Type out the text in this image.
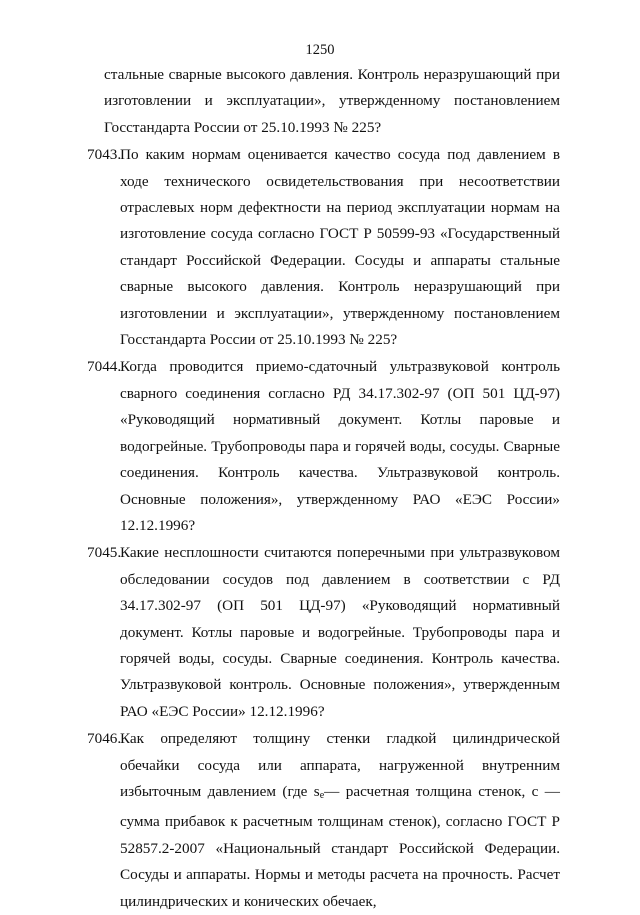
1250

стальные сварные высокого давления. Контроль неразрушающий при изготовлении и эксплуатации», утвержденному постановлением Госстандарта России от 25.10.1993 № 225?

7043.

По каким нормам оценивается качество сосуда под давлением в ходе технического освидетельствования при несоответствии отраслевых норм дефектности на период эксплуатации нормам на изготовление сосуда согласно ГОСТ Р 50599-93 «Государственный стандарт Российской Федерации. Сосуды и аппараты стальные сварные высокого давления. Контроль неразрушающий при изготовлении и эксплуатации», утвержденному постановлением Госстандарта России от 25.10.1993 № 225?

7044.

Когда проводится приемо-сдаточный ультразвуковой контроль сварного соединения согласно РД 34.17.302-97 (ОП 501 ЦД-97) «Руководящий нормативный документ. Котлы паровые и водогрейные. Трубопроводы пара и горячей воды, сосуды. Сварные соединения. Контроль качества. Ультразвуковой контроль. Основные положения», утвержденному РАО «ЕЭС России» 12.12.1996?

7045.

Какие несплошности считаются поперечными при ультразвуковом обследовании сосудов под давлением в соответствии с РД 34.17.302-97 (ОП 501 ЦД-97) «Руководящий нормативный документ. Котлы паровые и водогрейные. Трубопроводы пара и горячей воды, сосуды. Сварные соединения. Контроль качества. Ультразвуковой контроль. Основные положения», утвержденным РАО «ЕЭС России» 12.12.1996?

7046.

Как определяют толщину стенки гладкой цилиндрической обечайки сосуда или аппарата, нагруженной внутренним избыточным давлением (где $s_e—$ расчетная толщина стенок, с — сумма прибавок к расчетным толщинам стенок), согласно ГОСТ Р 52857.2-2007 «Национальный стандарт Российской Федерации. Сосуды и аппараты. Нормы и методы расчета на прочность. Расчет цилиндрических и конических обечаек,
